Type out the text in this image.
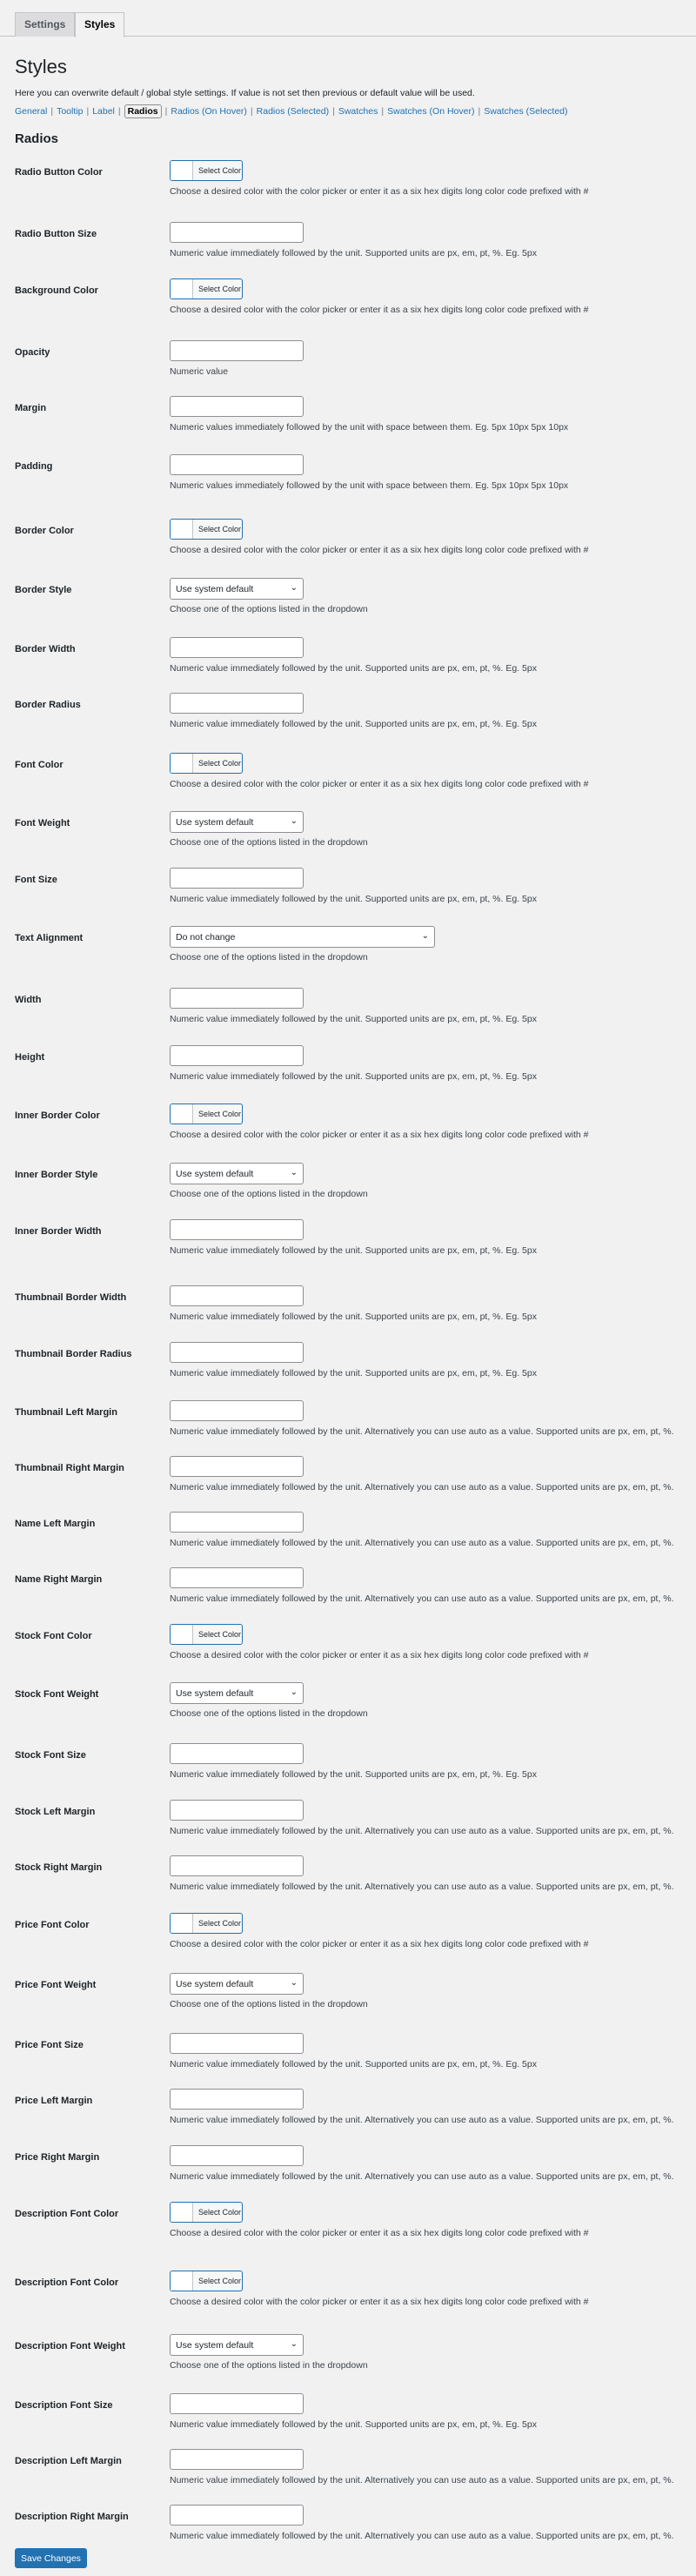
Settings	Styles
Styles

Here you can overwrite default / global style settings. If value is not set then previous or default value will be used.

General | Tooltip | Label | Radios | Radios (On Hover) | Radios (Selected) | Swatches | Swatches (On Hover) | Swatches (Selected)
Radios
Radio Button Color	Select Color
Choose a desired color with the color picker or enter it as a six hex digits long color code prefixed with #
Radio Button Size
Numeric value immediately followed by the unit. Supported units are px, em, pt, %. Eg. 5px
Background Color	Select Color
Choose a desired color with the color picker or enter it as a six hex digits long color code prefixed with #
Opacity
Numeric value
Margin
Numeric values immediately followed by the unit with space between them. Eg. 5px 10px 5px 10px
Padding
Numeric values immediately followed by the unit with space between them. Eg. 5px 10px 5px 10px
Border Color	Select Color
Choose a desired color with the color picker or enter it as a six hex digits long color code prefixed with #
Border Style	Use system default	⌄
Choose one of the options listed in the dropdown
Border Width
Numeric value immediately followed by the unit. Supported units are px, em, pt, %. Eg. 5px
Border Radius
Numeric value immediately followed by the unit. Supported units are px, em, pt, %. Eg. 5px
Font Color	Select Color
Choose a desired color with the color picker or enter it as a six hex digits long color code prefixed with #
Font Weight	Use system default	⌄
Choose one of the options listed in the dropdown
Font Size
Numeric value immediately followed by the unit. Supported units are px, em, pt, %. Eg. 5px
Text Alignment	Do not change	⌄
Choose one of the options listed in the dropdown
Width
Numeric value immediately followed by the unit. Supported units are px, em, pt, %. Eg. 5px
Height
Numeric value immediately followed by the unit. Supported units are px, em, pt, %. Eg. 5px
Inner Border Color	Select Color
Choose a desired color with the color picker or enter it as a six hex digits long color code prefixed with #
Inner Border Style	Use system default	⌄
Choose one of the options listed in the dropdown
Inner Border Width
Numeric value immediately followed by the unit. Supported units are px, em, pt, %. Eg. 5px
Thumbnail Border Width
Numeric value immediately followed by the unit. Supported units are px, em, pt, %. Eg. 5px
Thumbnail Border Radius
Numeric value immediately followed by the unit. Supported units are px, em, pt, %. Eg. 5px
Thumbnail Left Margin
Numeric value immediately followed by the unit. Alternatively you can use auto as a value. Supported units are px, em, pt, %.
Thumbnail Right Margin
Numeric value immediately followed by the unit. Alternatively you can use auto as a value. Supported units are px, em, pt, %.
Name Left Margin
Numeric value immediately followed by the unit. Alternatively you can use auto as a value. Supported units are px, em, pt, %.
Name Right Margin
Numeric value immediately followed by the unit. Alternatively you can use auto as a value. Supported units are px, em, pt, %.
Stock Font Color	Select Color
Choose a desired color with the color picker or enter it as a six hex digits long color code prefixed with #
Stock Font Weight	Use system default	⌄
Choose one of the options listed in the dropdown
Stock Font Size
Numeric value immediately followed by the unit. Supported units are px, em, pt, %. Eg. 5px
Stock Left Margin
Numeric value immediately followed by the unit. Alternatively you can use auto as a value. Supported units are px, em, pt, %.
Stock Right Margin
Numeric value immediately followed by the unit. Alternatively you can use auto as a value. Supported units are px, em, pt, %.
Price Font Color	Select Color
Choose a desired color with the color picker or enter it as a six hex digits long color code prefixed with #
Price Font Weight	Use system default	⌄
Choose one of the options listed in the dropdown
Price Font Size
Numeric value immediately followed by the unit. Supported units are px, em, pt, %. Eg. 5px
Price Left Margin
Numeric value immediately followed by the unit. Alternatively you can use auto as a value. Supported units are px, em, pt, %.
Price Right Margin
Numeric value immediately followed by the unit. Alternatively you can use auto as a value. Supported units are px, em, pt, %.
Description Font Color	Select Color
Choose a desired color with the color picker or enter it as a six hex digits long color code prefixed with #
Description Font Color	Select Color
Choose a desired color with the color picker or enter it as a six hex digits long color code prefixed with #
Description Font Weight	Use system default	⌄
Choose one of the options listed in the dropdown
Description Font Size
Numeric value immediately followed by the unit. Supported units are px, em, pt, %. Eg. 5px
Description Left Margin
Numeric value immediately followed by the unit. Alternatively you can use auto as a value. Supported units are px, em, pt, %.
Description Right Margin
Numeric value immediately followed by the unit. Alternatively you can use auto as a value. Supported units are px, em, pt, %.
Save Changes
